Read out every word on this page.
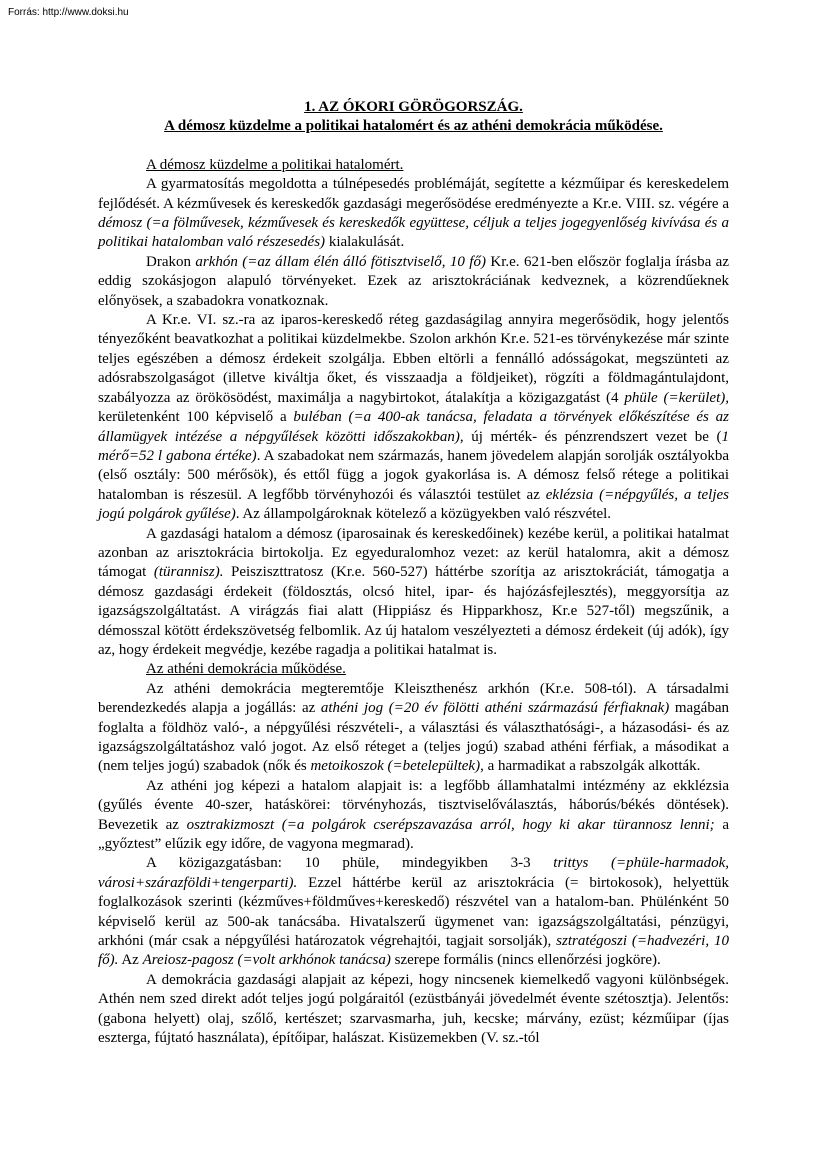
Forrás: http://www.doksi.hu

1. AZ ÓKORI GÖRÖGORSZÁG.

A démosz küzdelme a politikai hatalomért és az athéni demokrácia működése.

A démosz küzdelme a politikai hatalomért.

A gyarmatosítás megoldotta a túlnépesedés problémáját, segítette a kézműipar és kereskedelem fejlődését. A kézművesek és kereskedők gazdasági megerősödése eredményezte a Kr.e. VIII. sz. végére a démosz (=a fölművesek, kézművesek és kereskedők együttese, céljuk a teljes jogegyenlőség kivívása és a politikai hatalomban való részesedés) kialakulását.

Drakon arkhón (=az állam élén álló fötisztviselő, 10 fő) Kr.e. 621-ben először foglalja írásba az eddig szokásjogon alapuló törvényeket. Ezek az arisztokráciának kedveznek, a közrendűeknek előnyösek, a szabadokra vonatkoznak.

A Kr.e. VI. sz.-ra az iparos-kereskedő réteg gazdaságilag annyira megerősödik, hogy jelentős tényezőként beavatkozhat a politikai küzdelmekbe. Szolon arkhón Kr.e. 521-es törvénykezése már szinte teljes egészében a démosz érdekeit szolgálja. Ebben eltörli a fennálló adósságokat, megszünteti az adósrabszolgaságot (illetve kiváltja őket, és visszaadja a földjeiket), rögzíti a földmagántulajdont, szabályozza az örökösödést, maximálja a nagybirtokot, átalakítja a közigazgatást (4 phüle (=kerület), kerületenként 100 képviselő a buléban (=a 400-ak tanácsa, feladata a törvények előkészítése és az államügyek intézése a népgyűlések közötti időszakokban), új mérték- és pénzrendszert vezet be (1 mérő=52 l gabona értéke). A szabadokat nem származás, hanem jövedelem alapján sorolják osztályokba (első osztály: 500 mérősök), és ettől függ a jogok gyakorlása is. A démosz felső rétege a politikai hatalomban is részesül. A legfőbb törvényhozói és választói testület az eklézsia (=népgyűlés, a teljes jogú polgárok gyűlése). Az állampolgároknak kötelező a közügyekben való részvétel.

A gazdasági hatalom a démosz (iparosainak és kereskedőinek) kezébe kerül, a politikai hatalmat azonban az arisztokrácia birtokolja. Ez egyeduralomhoz vezet: az kerül hatalomra, akit a démosz támogat (türannisz). Peisziszttratosz (Kr.e. 560-527) háttérbe szorítja az arisztokráciát, támogatja a démosz gazdasági érdekeit (földosztás, olcsó hitel, ipar- és hajózásfejlesztés), meggyorsítja az igazságszolgáltatást. A virágzás fiai alatt (Hippiász és Hipparkhosz, Kr.e 527-től) megszűnik, a démosszal kötött érdekszövetség felbomlik. Az új hatalom veszélyezteti a démosz érdekeit (új adók), így az, hogy érdekeit megvédje, kezébe ragadja a politikai hatalmat is.

Az athéni demokrácia működése.

Az athéni demokrácia megteremtője Kleiszthenész arkhón (Kr.e. 508-tól). A társadalmi berendezkedés alapja a jogállás: az athéni jog (=20 év fölötti athéni származású férfiaknak) magában foglalta a földhöz való-, a népgyűlési részvételi-, a választási és választhatósági-, a házasodási- és az igazságszolgáltatáshoz való jogot. Az első réteget a (teljes jogú) szabad athéni férfiak, a másodikat a (nem teljes jogú) szabadok (nők és metoikoszok (=betelepültek), a harmadikat a rabszolgák alkották.

Az athéni jog képezi a hatalom alapjait is: a legfőbb államhatalmi intézmény az ekklézsia (gyűlés évente 40-szer, hatáskörei: törvényhozás, tisztviselőválasztás, háborús/békés döntések). Bevezetik az osztrakizmoszt (=a polgárok cserépszavazása arról, hogy ki akar türannosz lenni; a „győztest” elűzik egy időre, de vagyona megmarad).

A közigazgatásban: 10 phüle, mindegyikben 3-3 trittys (=phüle-harmadok, városi+szárazföldi+tengerparti). Ezzel háttérbe kerül az arisztokrácia (= birtokosok), helyettük foglalkozások szerinti (kézműves+földműves+kereskedő) részvétel van a hatalom-ban. Phülénként 50 képviselő kerül az 500-ak tanácsába. Hivatalszerű ügymenet van: igazságszolgáltatási, pénzügyi, arkhóni (már csak a népgyűlési határozatok végrehajtói, tagjait sorsolják), sztratégoszi (=hadvezéri, 10 fő). Az Areiosz-pagosz (=volt arkhónok tanácsa) szerepe formális (nincs ellenőrzési jogköre).

A demokrácia gazdasági alapjait az képezi, hogy nincsenek kiemelkedő vagyoni különbségek. Athén nem szed direkt adót teljes jogú polgáraitól (ezüstbányái jövedelmét évente szétosztja). Jelentős: (gabona helyett) olaj, szőlő, kertészet; szarvasmarha, juh, kecske; márvány, ezüst; kézműipar (íjas eszterga, fújtató használata), építőipar, halászat. Kisüzemekben (V. sz.-tól
